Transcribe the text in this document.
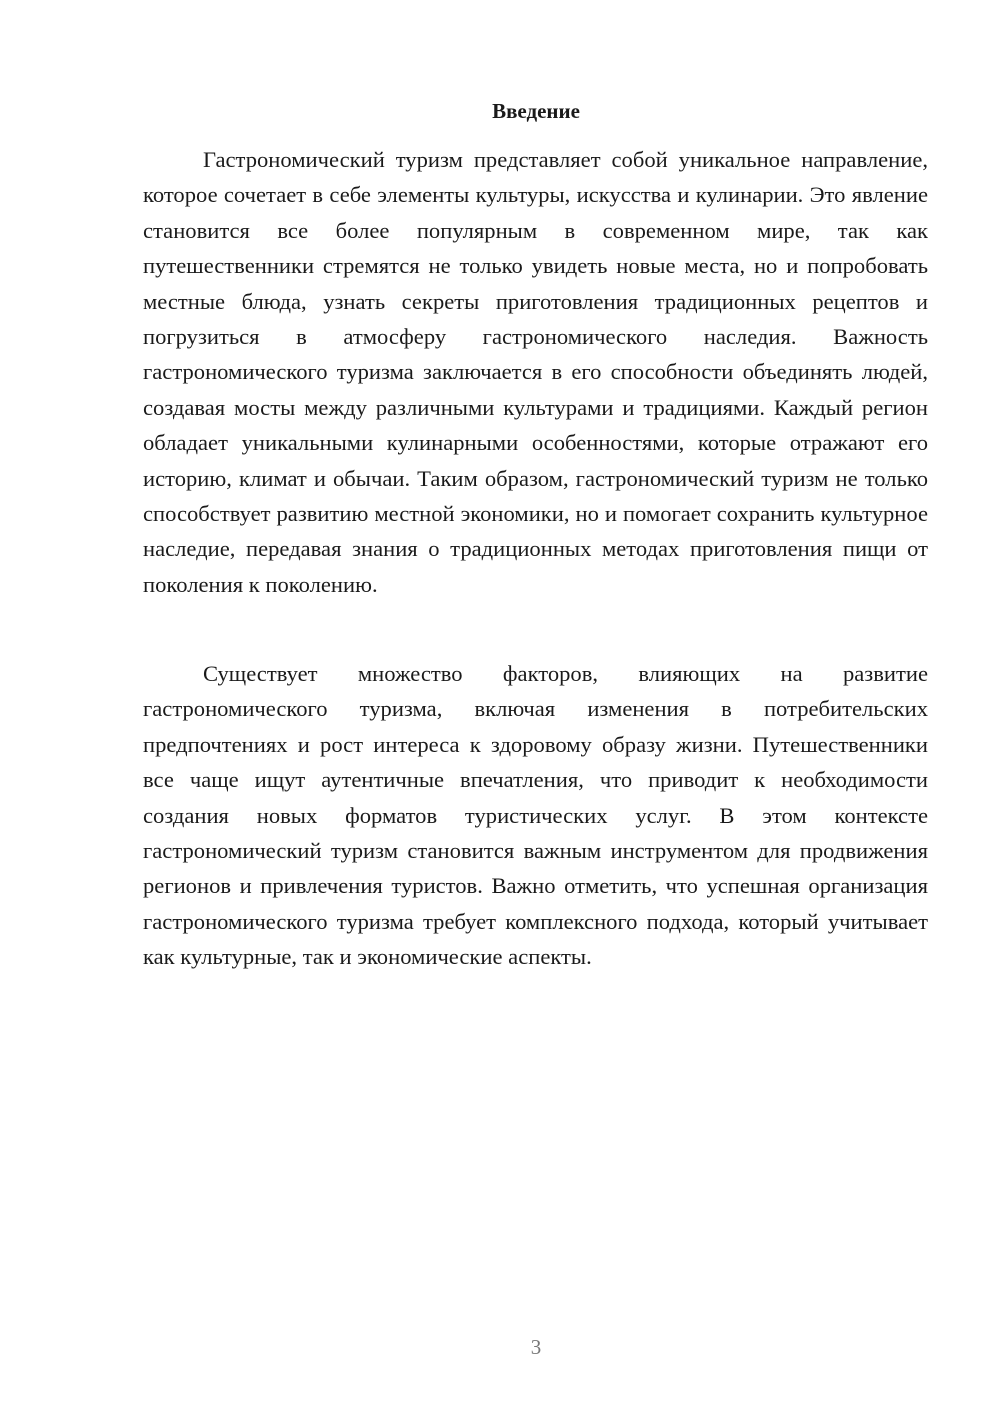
Введение

Гастрономический туризм представляет собой уникальное направление, которое сочетает в себе элементы культуры, искусства и кулинарии. Это явление становится все более популярным в современном мире, так как путешественники стремятся не только увидеть новые места, но и попробовать местные блюда, узнать секреты приготовления традиционных рецептов и погрузиться в атмосферу гастрономического наследия. Важность гастрономического туризма заключается в его способности объединять людей, создавая мосты между различными культурами и традициями. Каждый регион обладает уникальными кулинарными особенностями, которые отражают его историю, климат и обычаи. Таким образом, гастрономический туризм не только способствует развитию местной экономики, но и помогает сохранить культурное наследие, передавая знания о традиционных методах приготовления пищи от поколения к поколению.

Существует множество факторов, влияющих на развитие гастрономического туризма, включая изменения в потребительских предпочтениях и рост интереса к здоровому образу жизни. Путешественники все чаще ищут аутентичные впечатления, что приводит к необходимости создания новых форматов туристических услуг. В этом контексте гастрономический туризм становится важным инструментом для продвижения регионов и привлечения туристов. Важно отметить, что успешная организация гастрономического туризма требует комплексного подхода, который учитывает как культурные, так и экономические аспекты.

3
